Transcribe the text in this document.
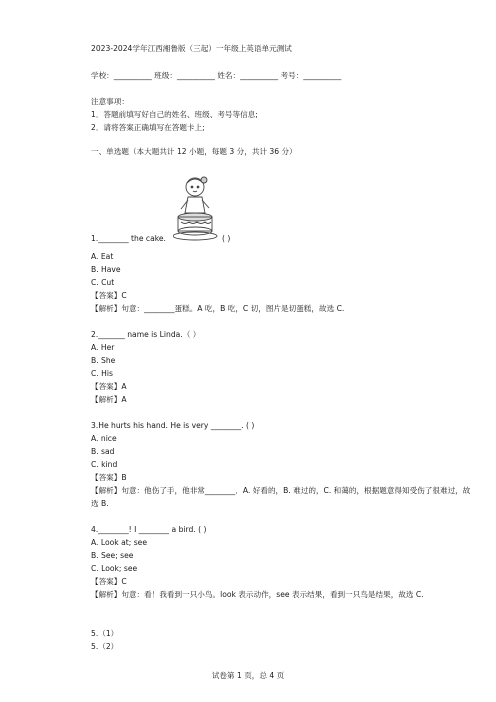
2023-2024学年江西湘鲁版（三起）一年级上英语单元测试
学校：__________ 班级：__________ 姓名：__________ 考号：__________
注意事项：
1．答题前填写好自己的姓名、班级、考号等信息;
2．请将答案正确填写在答题卡上;
一、单选题（本大题共计 12 小题，每题 3 分，共计 36 分）
1.________ the cake.	( )
A. Eat
B. Have
C. Cut
【答案】C
【解析】句意：________蛋糕。A 吃，B 吃，C 切，图片是切蛋糕，故选 C.
2._______ name is Linda.（ ）
A. Her
B. She
C. His
【答案】A
【解析】A
3.He hurts his hand. He is very ________. ( )
A. nice
B. sad
C. kind
【答案】B
【解析】句意：他伤了手，他非常________．A. 好看的，B. 难过的，C. 和蔼的，根据题意得知受伤了很难过，故选 B.
4.________! I ________ a bird. ( )
A. Look at; see
B. See; see
C. Look; see
【答案】C
【解析】句意：看！我看到一只小鸟。look 表示动作，see 表示结果，看到一只鸟是结果，故选 C.
5.（1）
5.（2）
试卷第 1 页，总 4 页
